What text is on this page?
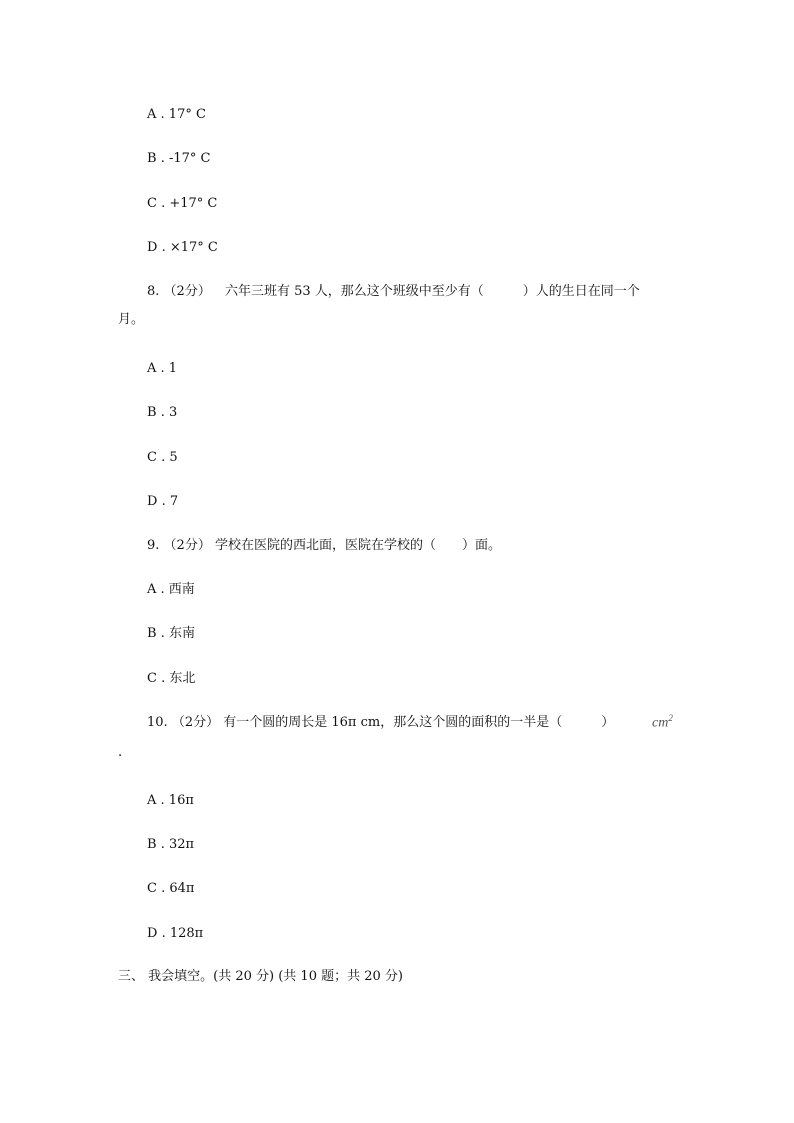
A . 17° C
B . -17° C
C . +17° C
D . ×17° C
8. （2分） 六年三班有 53 人，那么这个班级中至少有（　　　）人的生日在同一个
月。
A . 1
B . 3
C . 5
D . 7
9. （2分） 学校在医院的西北面，医院在学校的（　　）面。
A . 西南
B . 东南
C . 东北
10. （2分） 有一个圆的周长是 16π cm，那么这个圆的面积的一半是（　　　）	$cm^2$
.
A . 16π
B . 32π
C . 64π
D . 128π
三、 我会填空。(共 20 分) (共 10 题；共 20 分)
